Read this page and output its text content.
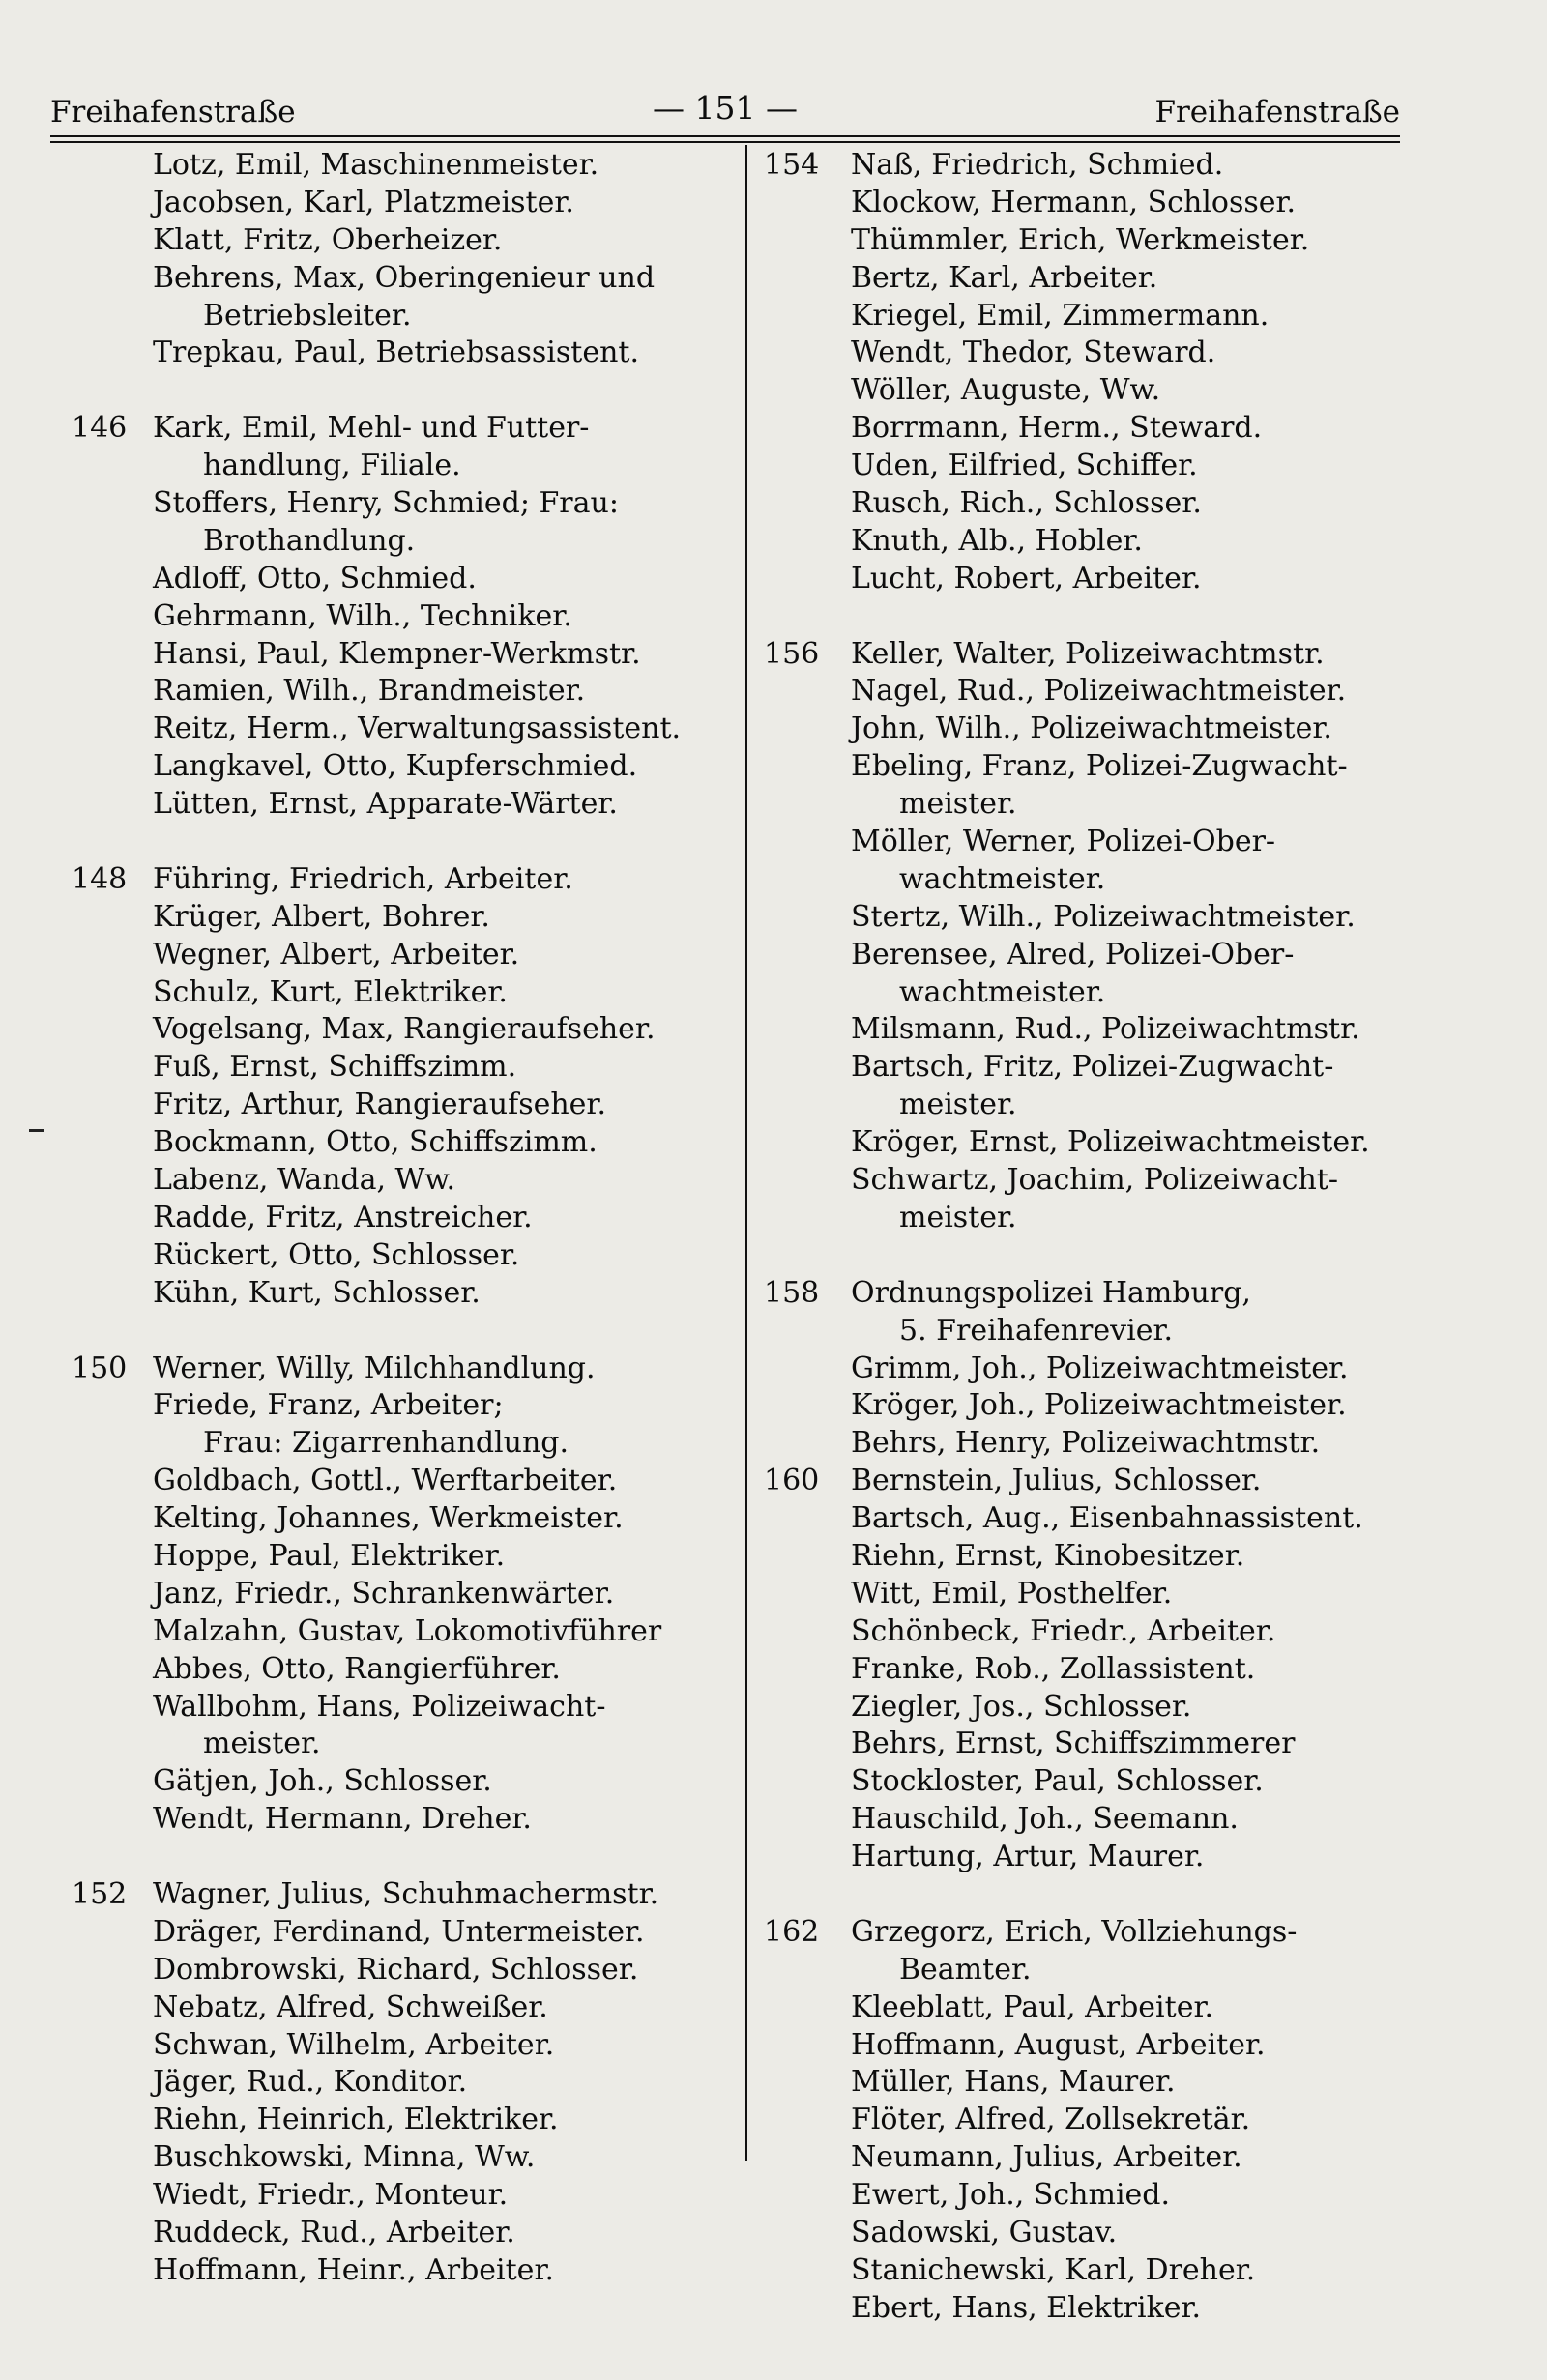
Freihafenstraße	— 151 —	Freihafenstraße
Lotz, Emil, Maschinenmeister.
Jacobsen, Karl, Platzmeister.
Klatt, Fritz, Oberheizer.
Behrens, Max, Oberingenieur und
Betriebsleiter.
Trepkau, Paul, Betriebsassistent.
146 Kark, Emil, Mehl- und Futter-
handlung, Filiale.
Stoffers, Henry, Schmied; Frau:
Brothandlung.
Adloff, Otto, Schmied.
Gehrmann, Wilh., Techniker.
Hansi, Paul, Klempner-Werkmstr.
Ramien, Wilh., Brandmeister.
Reitz, Herm., Verwaltungsassistent.
Langkavel, Otto, Kupferschmied.
Lütten, Ernst, Apparate-Wärter.
148 Führing, Friedrich, Arbeiter.
Krüger, Albert, Bohrer.
Wegner, Albert, Arbeiter.
Schulz, Kurt, Elektriker.
Vogelsang, Max, Rangieraufseher.
Fuß, Ernst, Schiffszimm.
Fritz, Arthur, Rangieraufseher.
Bockmann, Otto, Schiffszimm.
Labenz, Wanda, Ww.
Radde, Fritz, Anstreicher.
Rückert, Otto, Schlosser.
Kühn, Kurt, Schlosser.
150 Werner, Willy, Milchhandlung.
Friede, Franz, Arbeiter;
Frau: Zigarrenhandlung.
Goldbach, Gottl., Werftarbeiter.
Kelting, Johannes, Werkmeister.
Hoppe, Paul, Elektriker.
Janz, Friedr., Schrankenwärter.
Malzahn, Gustav, Lokomotivführer
Abbes, Otto, Rangierführer.
Wallbohm, Hans, Polizeiwacht-
meister.
Gätjen, Joh., Schlosser.
Wendt, Hermann, Dreher.
152 Wagner, Julius, Schuhmachermstr.
Dräger, Ferdinand, Untermeister.
Dombrowski, Richard, Schlosser.
Nebatz, Alfred, Schweißer.
Schwan, Wilhelm, Arbeiter.
Jäger, Rud., Konditor.
Riehn, Heinrich, Elektriker.
Buschkowski, Minna, Ww.
Wiedt, Friedr., Monteur.
Ruddeck, Rud., Arbeiter.
Hoffmann, Heinr., Arbeiter.
154 Naß, Friedrich, Schmied.
Klockow, Hermann, Schlosser.
Thümmler, Erich, Werkmeister.
Bertz, Karl, Arbeiter.
Kriegel, Emil, Zimmermann.
Wendt, Thedor, Steward.
Wöller, Auguste, Ww.
Borrmann, Herm., Steward.
Uden, Eilfried, Schiffer.
Rusch, Rich., Schlosser.
Knuth, Alb., Hobler.
Lucht, Robert, Arbeiter.
156 Keller, Walter, Polizeiwachtmstr.
Nagel, Rud., Polizeiwachtmeister.
John, Wilh., Polizeiwachtmeister.
Ebeling, Franz, Polizei-Zugwacht-
meister.
Möller, Werner, Polizei-Ober-
wachtmeister.
Stertz, Wilh., Polizeiwachtmeister.
Berensee, Alred, Polizei-Ober-
wachtmeister.
Milsmann, Rud., Polizeiwachtmstr.
Bartsch, Fritz, Polizei-Zugwacht-
meister.
Kröger, Ernst, Polizeiwachtmeister.
Schwartz, Joachim, Polizeiwacht-
meister.
158 Ordnungspolizei Hamburg,
5. Freihafenrevier.
Grimm, Joh., Polizeiwachtmeister.
Kröger, Joh., Polizeiwachtmeister.
Behrs, Henry, Polizeiwachtmstr.
160 Bernstein, Julius, Schlosser.
Bartsch, Aug., Eisenbahnassistent.
Riehn, Ernst, Kinobesitzer.
Witt, Emil, Posthelfer.
Schönbeck, Friedr., Arbeiter.
Franke, Rob., Zollassistent.
Ziegler, Jos., Schlosser.
Behrs, Ernst, Schiffszimmerer
Stockloster, Paul, Schlosser.
Hauschild, Joh., Seemann.
Hartung, Artur, Maurer.
162 Grzegorz, Erich, Vollziehungs-
Beamter.
Kleeblatt, Paul, Arbeiter.
Hoffmann, August, Arbeiter.
Müller, Hans, Maurer.
Flöter, Alfred, Zollsekretär.
Neumann, Julius, Arbeiter.
Ewert, Joh., Schmied.
Sadowski, Gustav.
Stanichewski, Karl, Dreher.
Ebert, Hans, Elektriker.
